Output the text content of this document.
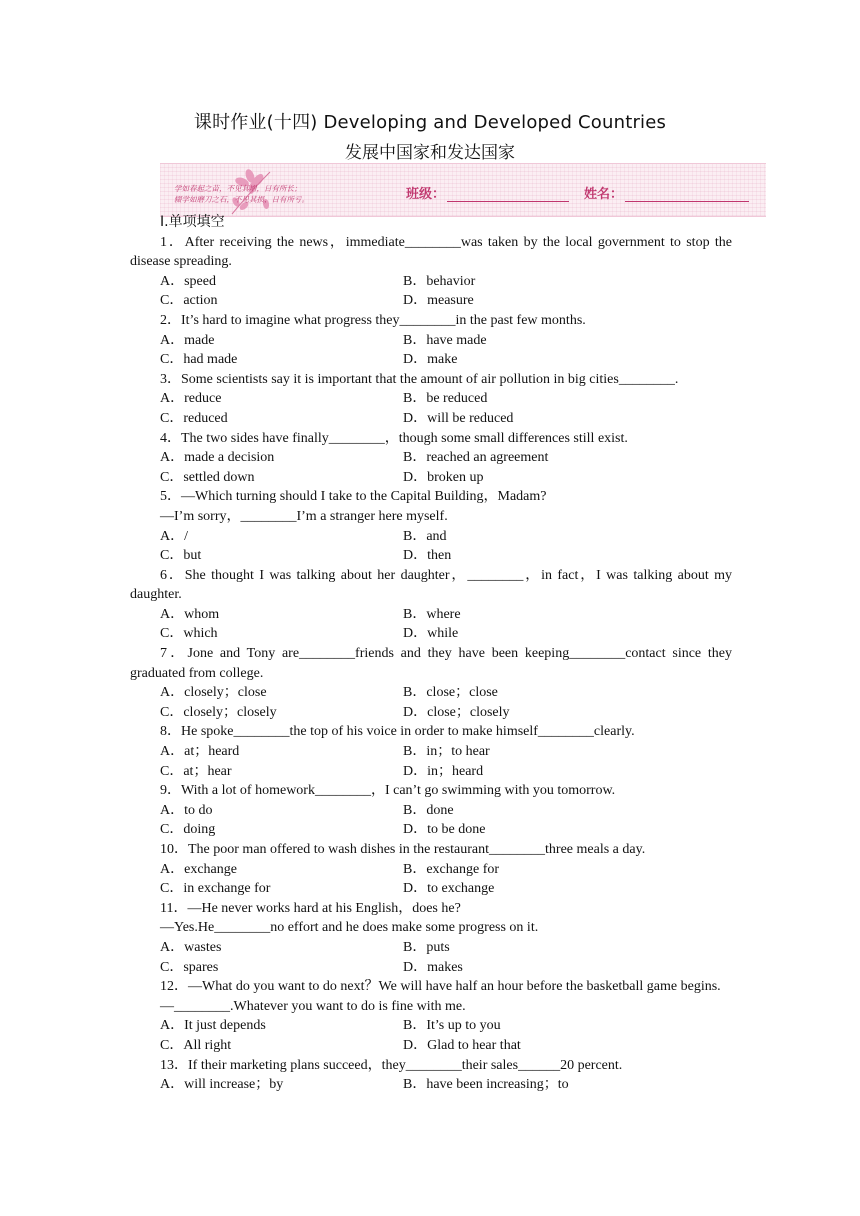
课时作业(十四) Developing and Developed Countries
发展中国家和发达国家
学如春起之苗，不见其增，日有所长；
辍学如磨刀之石，不见其损，日有所亏。	班级：	姓名：
Ⅰ.单项填空
1．After receiving the news，immediate________was taken by the local government to stop the disease spreading.
A．speed	B．behavior
C．action	D．measure
2．It’s hard to imagine what progress they________in the past few months.
A．made	B．have made
C．had made	D．make
3．Some scientists say it is important that the amount of air pollution in big cities________.
A．reduce	B．be reduced
C．reduced	D．will be reduced
4．The two sides have finally________，though some small differences still exist.
A．made a decision	B．reached an agreement
C．settled down	D．broken up
5．—Which turning should I take to the Capital Building，Madam?
—I’m sorry，________I’m a stranger here myself.
A．/	B．and
C．but	D．then
6．She thought I was talking about her daughter，________，in fact，I was talking about my daughter.
A．whom	B．where
C．which	D．while
7．Jone and Tony are________friends and they have been keeping________contact since they graduated from college.
A．closely；close	B．close；close
C．closely；closely	D．close；closely
8．He spoke________the top of his voice in order to make himself________clearly.
A．at；heard	B．in；to hear
C．at；hear	D．in；heard
9．With a lot of homework________，I can’t go swimming with you tomorrow.
A．to do	B．done
C．doing	D．to be done
10．The poor man offered to wash dishes in the restaurant________three meals a day.
A．exchange	B．exchange for
C．in exchange for	D．to exchange
11．—He never works hard at his English，does he?
—Yes.He________no effort and he does make some progress on it.
A．wastes	B．puts
C．spares	D．makes
12．—What do you want to do next？We will have half an hour before the basketball game begins.
—________.Whatever you want to do is fine with me.
A．It just depends	B．It’s up to you
C．All right	D．Glad to hear that
13．If their marketing plans succeed，they________their sales______20 percent.
A．will increase；by	B．have been increasing；to
